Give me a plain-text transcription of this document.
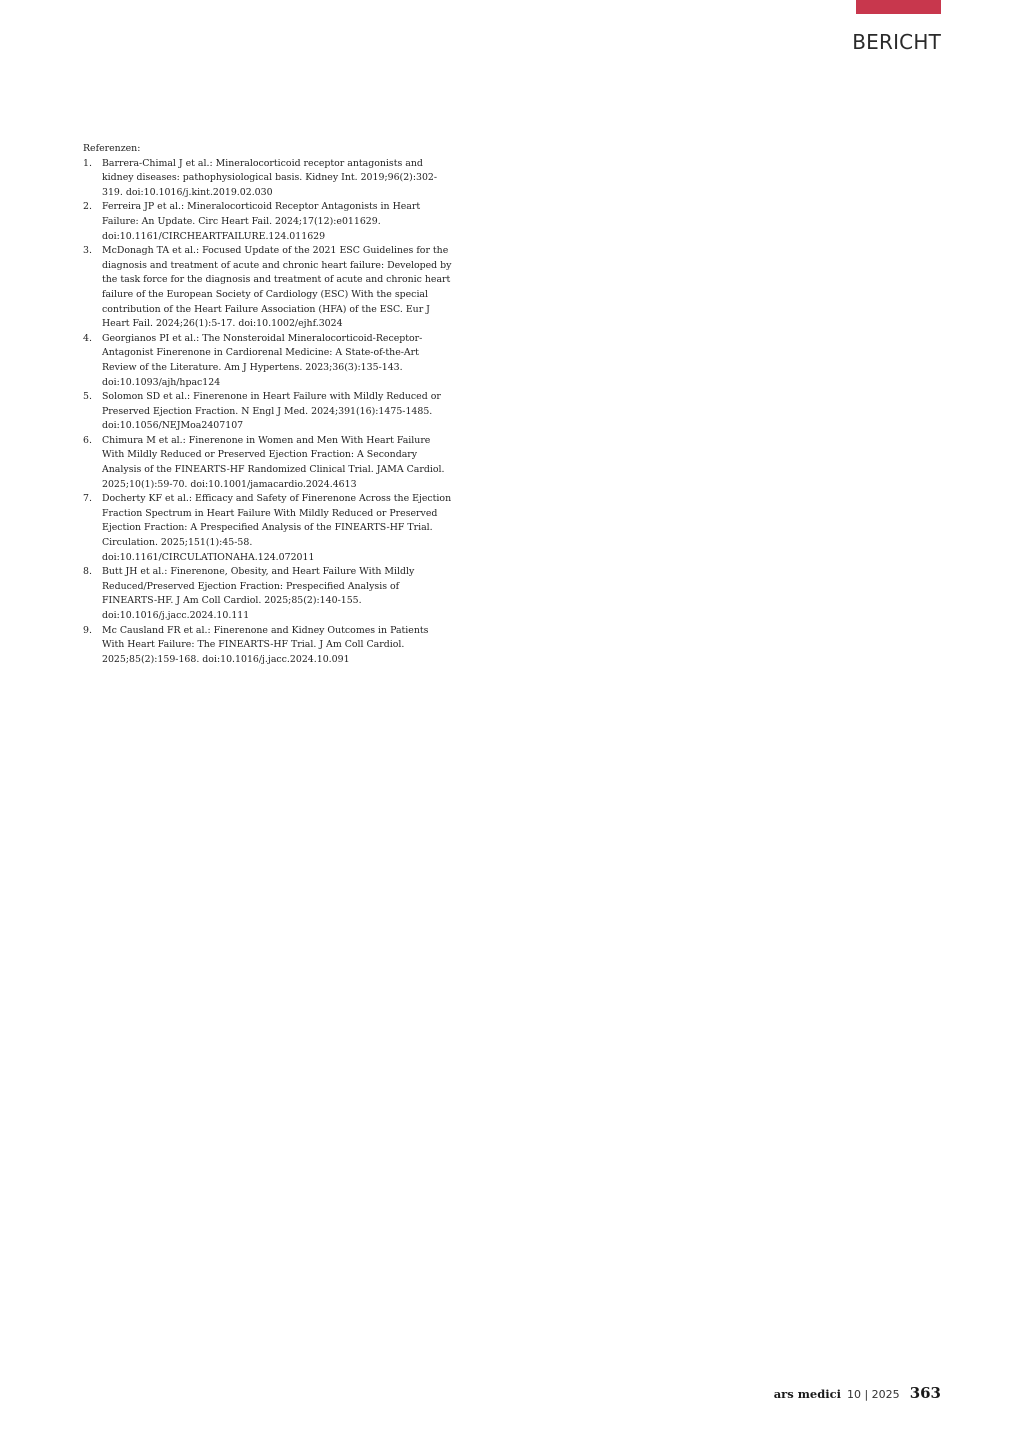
BERICHT

Referenzen:

1. Barrera-Chimal J et al.: Mineralocorticoid receptor antagonists and kidney diseases: pathophysiological basis. Kidney Int. 2019;96(2):302-319. doi:10.1016/j.kint.2019.02.030
2. Ferreira JP et al.: Mineralocorticoid Receptor Antagonists in Heart Failure: An Update. Circ Heart Fail. 2024;17(12):e011629. doi:10.1161/CIRCHEARTFAILURE.124.011629
3. McDonagh TA et al.: Focused Update of the 2021 ESC Guidelines for the diagnosis and treatment of acute and chronic heart failure: Developed by the task force for the diagnosis and treatment of acute and chronic heart failure of the European Society of Cardiology (ESC) With the special contribution of the Heart Failure Association (HFA) of the ESC. Eur J Heart Fail. 2024;26(1):5-17. doi:10.1002/ejhf.3024
4. Georgianos PI et al.: The Nonsteroidal Mineralocorticoid-Receptor-Antagonist Finerenone in Cardiorenal Medicine: A State-of-the-Art Review of the Literature. Am J Hypertens. 2023;36(3):135-143. doi:10.1093/ajh/hpac124
5. Solomon SD et al.: Finerenone in Heart Failure with Mildly Reduced or Preserved Ejection Fraction. N Engl J Med. 2024;391(16):1475-1485. doi:10.1056/NEJMoa2407107
6. Chimura M et al.: Finerenone in Women and Men With Heart Failure With Mildly Reduced or Preserved Ejection Fraction: A Secondary Analysis of the FINEARTS-HF Randomized Clinical Trial. JAMA Cardiol. 2025;10(1):59-70. doi:10.1001/jamacardio.2024.4613
7. Docherty KF et al.: Efficacy and Safety of Finerenone Across the Ejection Fraction Spectrum in Heart Failure With Mildly Reduced or Preserved Ejection Fraction: A Prespecified Analysis of the FINEARTS-HF Trial. Circulation. 2025;151(1):45-58. doi:10.1161/CIRCULATIONAHA.124.072011
8. Butt JH et al.: Finerenone, Obesity, and Heart Failure With Mildly Reduced/Preserved Ejection Fraction: Prespecified Analysis of FINEARTS-HF. J Am Coll Cardiol. 2025;85(2):140-155. doi:10.1016/j.jacc.2024.10.111
9. Mc Causland FR et al.: Finerenone and Kidney Outcomes in Patients With Heart Failure: The FINEARTS-HF Trial. J Am Coll Cardiol. 2025;85(2):159-168. doi:10.1016/j.jacc.2024.10.091
ars medici 10 | 2025 363
